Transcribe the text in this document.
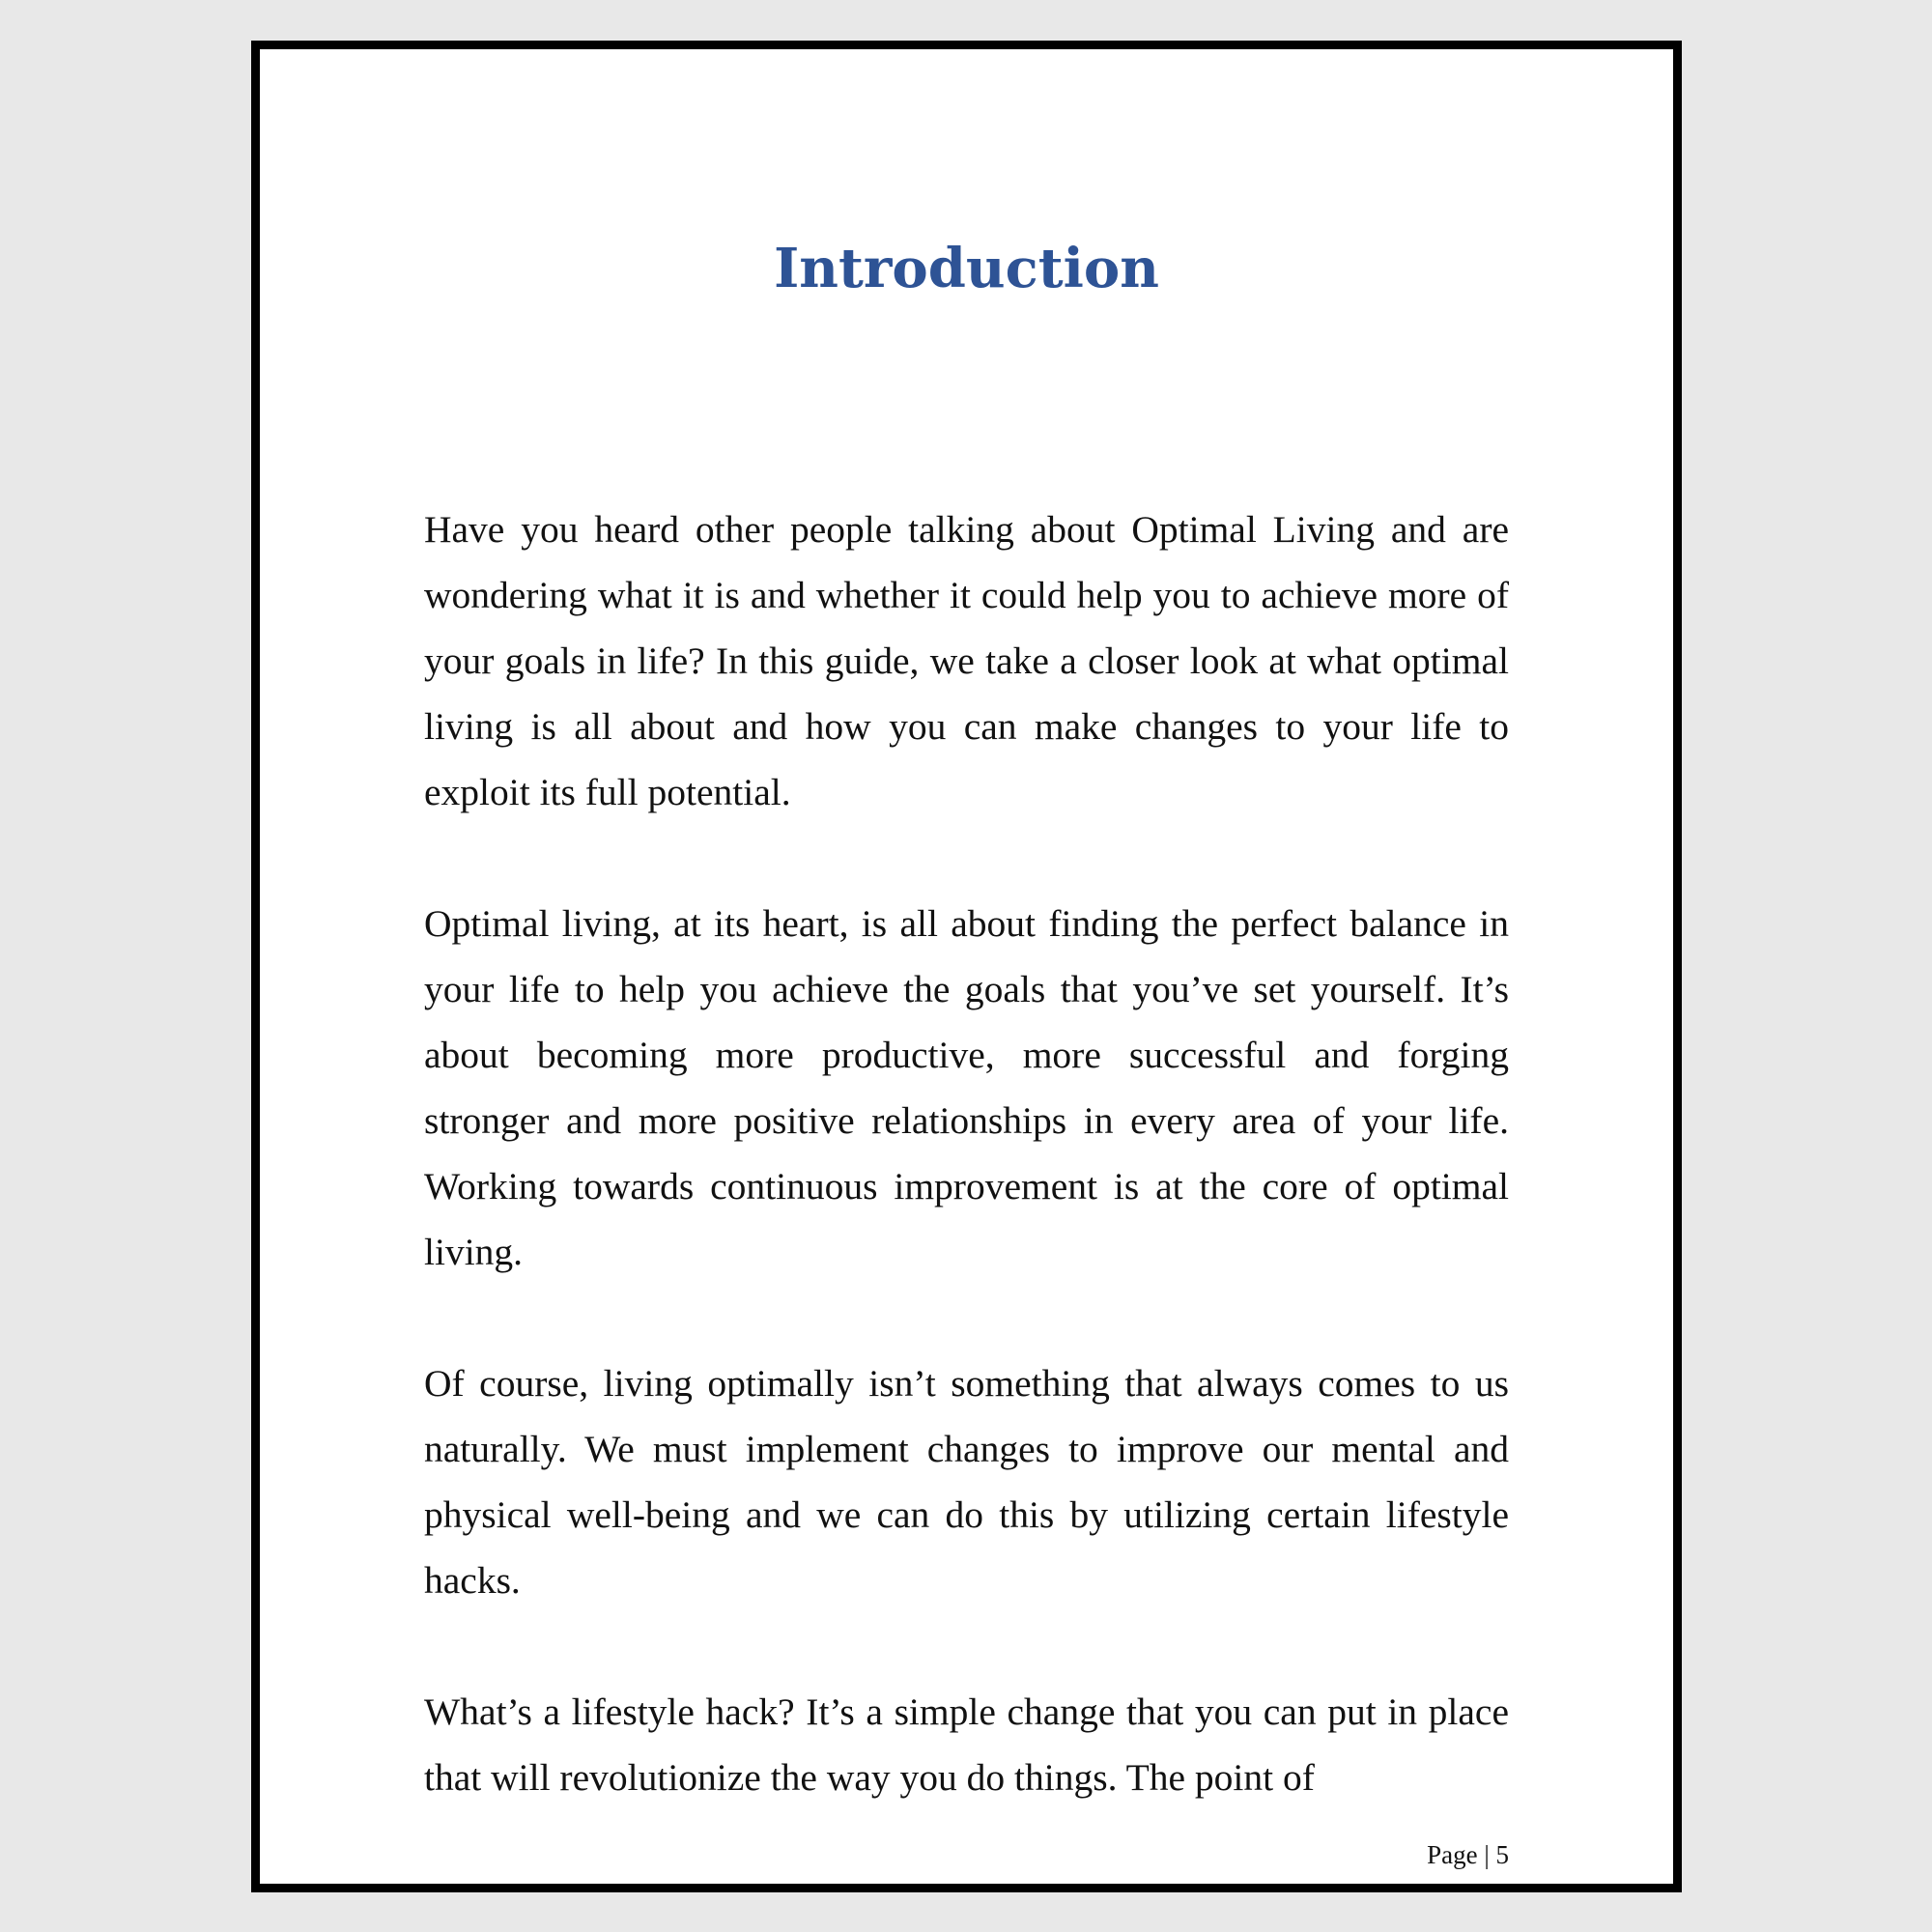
Introduction

Have you heard other people talking about Optimal Living and are wondering what it is and whether it could help you to achieve more of your goals in life? In this guide, we take a closer look at what optimal living is all about and how you can make changes to your life to exploit its full potential.

Optimal living, at its heart, is all about finding the perfect balance in your life to help you achieve the goals that you’ve set yourself. It’s about becoming more productive, more successful and forging stronger and more positive relationships in every area of your life. Working towards continuous improvement is at the core of optimal living.

Of course, living optimally isn’t something that always comes to us naturally. We must implement changes to improve our mental and physical well-being and we can do this by utilizing certain lifestyle hacks.

What’s a lifestyle hack? It’s a simple change that you can put in place that will revolutionize the way you do things. The point of

Page | 5
